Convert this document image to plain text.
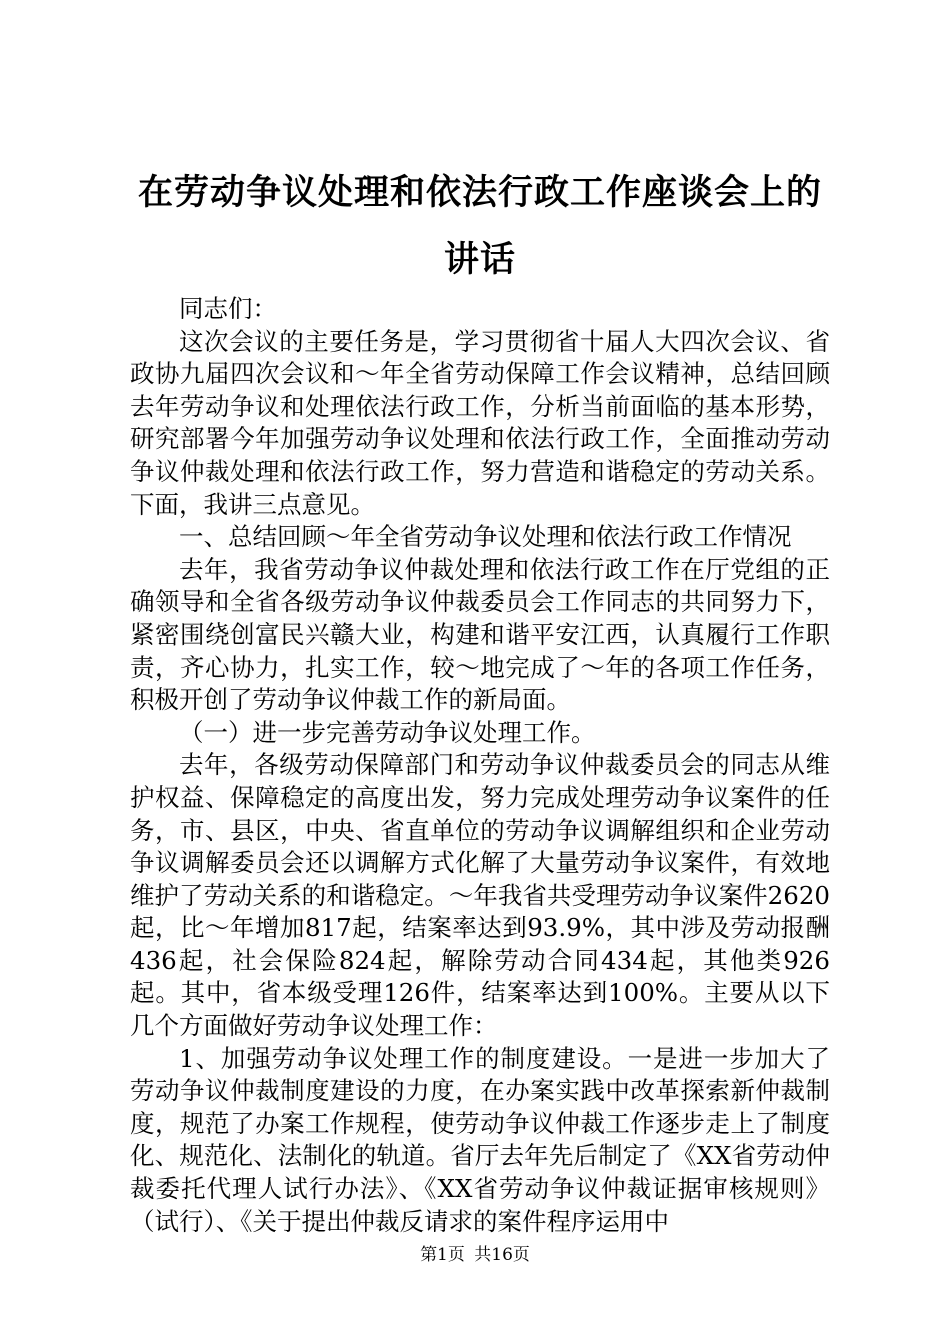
在劳动争议处理和依法行政工作座谈会上的讲话

同志们：

这次会议的主要任务是，学习贯彻省十届人大四次会议、省政协九届四次会议和～年全省劳动保障工作会议精神，总结回顾去年劳动争议和处理依法行政工作，分析当前面临的基本形势，研究部署今年加强劳动争议处理和依法行政工作，全面推动劳动争议仲裁处理和依法行政工作，努力营造和谐稳定的劳动关系。下面，我讲三点意见。

一、总结回顾～年全省劳动争议处理和依法行政工作情况

去年，我省劳动争议仲裁处理和依法行政工作在厅党组的正确领导和全省各级劳动争议仲裁委员会工作同志的共同努力下，紧密围绕创富民兴赣大业，构建和谐平安江西，认真履行工作职责，齐心协力，扎实工作，较～地完成了～年的各项工作任务，积极开创了劳动争议仲裁工作的新局面。

（一）进一步完善劳动争议处理工作。

去年，各级劳动保障部门和劳动争议仲裁委员会的同志从维护权益、保障稳定的高度出发，努力完成处理劳动争议案件的任务，市、县区，中央、省直单位的劳动争议调解组织和企业劳动争议调解委员会还以调解方式化解了大量劳动争议案件，有效地维护了劳动关系的和谐稳定。～年我省共受理劳动争议案件2620起，比～年增加817起，结案率达到93.9%，其中涉及劳动报酬436起，社会保险824起，解除劳动合同434起，其他类926起。其中，省本级受理126件，结案率达到100%。主要从以下几个方面做好劳动争议处理工作：

1、加强劳动争议处理工作的制度建设。一是进一步加大了劳动争议仲裁制度建设的力度，在办案实践中改革探索新仲裁制度，规范了办案工作规程，使劳动争议仲裁工作逐步走上了制度化、规范化、法制化的轨道。省厅去年先后制定了《XX省劳动仲裁委托代理人试行办法》、《XX省劳动争议仲裁证据审核规则》（试行）、《关于提出仲裁反请求的案件程序运用中

第1页 共16页
